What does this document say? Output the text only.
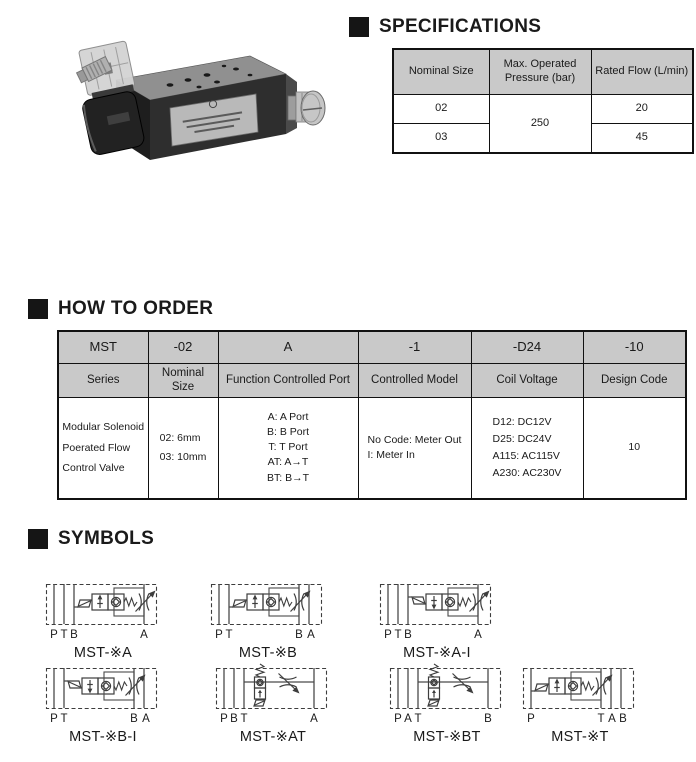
SPECIFICATIONS
Nominal Size	Max. Operated Pressure (bar)	Rated Flow (L/min)
02	250	20
03		45
HOW TO ORDER
MST	-02	A	-1	-D24	-10
Series	Nominal Size	Function Controlled Port	Controlled Model	Coil Voltage	Design Code

Modular Solenoid
Poerated Flow
Control Valve

02: 6mm
03: 10mm

A: A Port
B: B Port
T: T Port
AT: A→T
BT: B→T

No Code: Meter Out
I: Meter In

D12: DC12V
D25: DC24V
A115: AC115V
A230: AC230V

10
SYMBOLS
P T B	A
MST-※A
P T	B A
MST-※B
P T B	A
MST-※A-I
P T	B A
MST-※B-I
P B T	A
MST-※AT
P A T	B
MST-※BT
P	T A B
MST-※T
